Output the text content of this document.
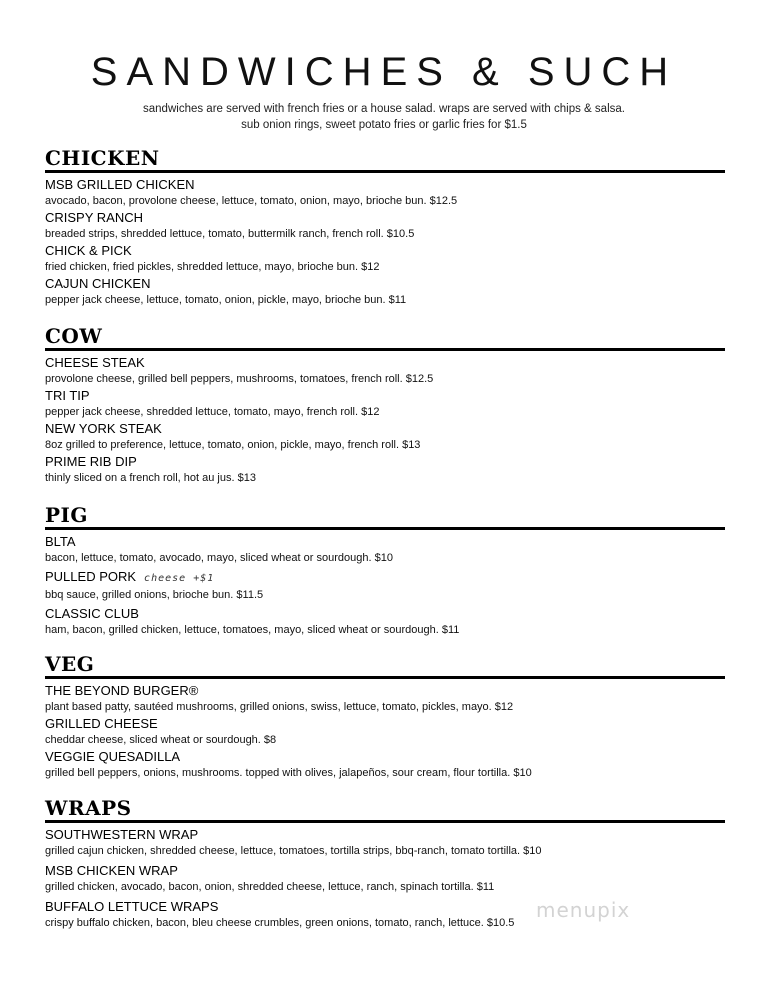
SANDWICHES & SUCH
sandwiches are served with french fries or a house salad. wraps are served with chips & salsa.
sub onion rings, sweet potato fries or garlic fries for $1.5
CHICKEN
MSB GRILLED CHICKEN
avocado, bacon, provolone cheese, lettuce, tomato, onion, mayo, brioche bun. $12.5
CRISPY RANCH
breaded strips, shredded lettuce, tomato, buttermilk ranch, french roll. $10.5
CHICK & PICK
fried chicken, fried pickles, shredded lettuce, mayo, brioche bun. $12
CAJUN CHICKEN
pepper jack cheese, lettuce, tomato, onion, pickle, mayo, brioche bun. $11
COW
CHEESE STEAK
provolone cheese, grilled bell peppers, mushrooms, tomatoes, french roll. $12.5
TRI TIP
pepper jack cheese, shredded lettuce, tomato, mayo, french roll. $12
NEW YORK STEAK
8oz grilled to preference, lettuce, tomato, onion, pickle, mayo, french roll. $13
PRIME RIB DIP
thinly sliced on a french roll, hot au jus. $13
PIG
BLTA
bacon, lettuce, tomato, avocado, mayo, sliced wheat or sourdough. $10
PULLED PORK cheese +$1
bbq sauce, grilled onions, brioche bun. $11.5
CLASSIC CLUB
ham, bacon, grilled chicken, lettuce, tomatoes, mayo, sliced wheat or sourdough. $11
VEG
THE BEYOND BURGER®
plant based patty, sautéed mushrooms, grilled onions, swiss, lettuce, tomato, pickles, mayo. $12
GRILLED CHEESE
cheddar cheese, sliced wheat or sourdough. $8
VEGGIE QUESADILLA
grilled bell peppers, onions, mushrooms. topped with olives, jalapeños, sour cream, flour tortilla. $10
WRAPS
SOUTHWESTERN WRAP
grilled cajun chicken, shredded cheese, lettuce, tomatoes, tortilla strips, bbq-ranch, tomato tortilla. $10
MSB CHICKEN WRAP
grilled chicken, avocado, bacon, onion, shredded cheese, lettuce, ranch, spinach tortilla. $11
BUFFALO LETTUCE WRAPS
crispy buffalo chicken, bacon, bleu cheese crumbles, green onions, tomato, ranch, lettuce. $10.5
menupix
